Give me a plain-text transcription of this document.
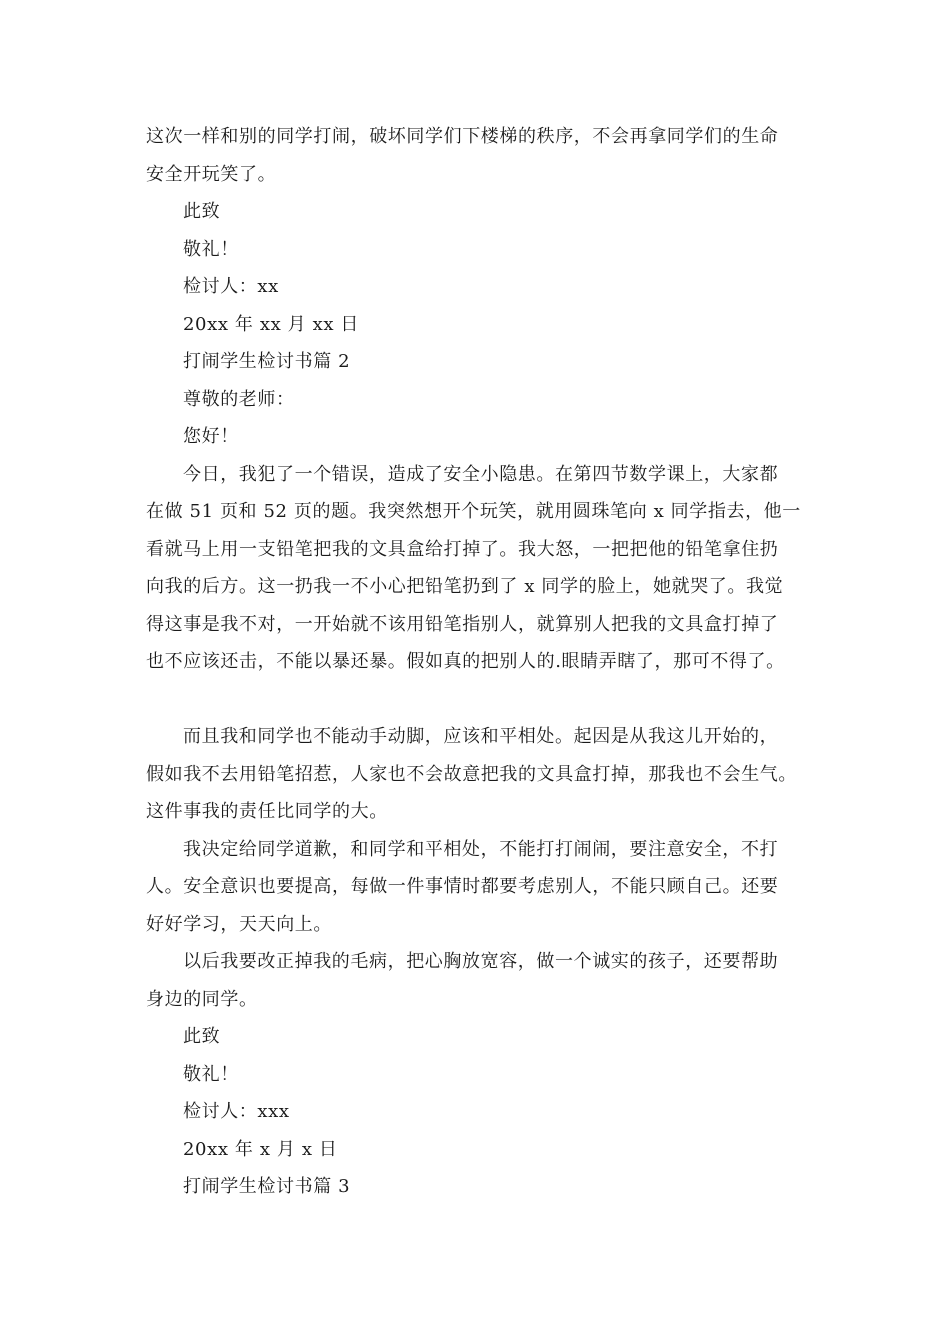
这次一样和别的同学打闹，破坏同学们下楼梯的秩序，不会再拿同学们的生命
安全开玩笑了。
此致
敬礼！
检讨人：xx
20xx 年 xx 月 xx 日
打闹学生检讨书篇 2
尊敬的老师：
您好！
今日，我犯了一个错误，造成了安全小隐患。在第四节数学课上，大家都
在做 51 页和 52 页的题。我突然想开个玩笑，就用圆珠笔向 x 同学指去，他一
看就马上用一支铅笔把我的文具盒给打掉了。我大怒，一把把他的铅笔拿住扔
向我的后方。这一扔我一不小心把铅笔扔到了 x 同学的脸上，她就哭了。我觉
得这事是我不对，一开始就不该用铅笔指别人，就算别人把我的文具盒打掉了
也不应该还击，不能以暴还暴。假如真的把别人的.眼睛弄瞎了，那可不得了。
而且我和同学也不能动手动脚，应该和平相处。起因是从我这儿开始的，
假如我不去用铅笔招惹，人家也不会故意把我的文具盒打掉，那我也不会生气。
这件事我的责任比同学的大。
我决定给同学道歉，和同学和平相处，不能打打闹闹，要注意安全，不打
人。安全意识也要提高，每做一件事情时都要考虑别人，不能只顾自己。还要
好好学习，天天向上。
以后我要改正掉我的毛病，把心胸放宽容，做一个诚实的孩子，还要帮助
身边的同学。
此致
敬礼！
检讨人：xxx
20xx 年 x 月 x 日
打闹学生检讨书篇 3
